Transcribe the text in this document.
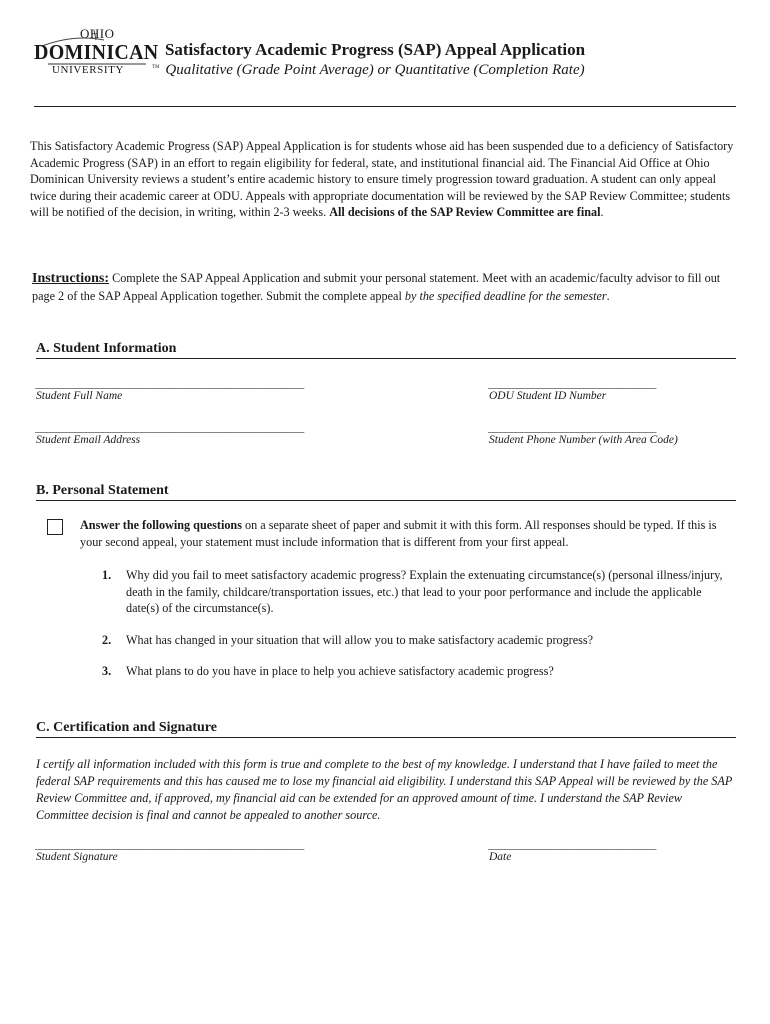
OHIO
DOMINICAN
UNIVERSITY	TM
Satisfactory Academic Progress (SAP) Appeal Application
Qualitative (Grade Point Average) or Quantitative (Completion Rate)
This Satisfactory Academic Progress (SAP) Appeal Application is for students whose aid has been suspended due to a deficiency of Satisfactory Academic Progress (SAP) in an effort to regain eligibility for federal, state, and institutional financial aid. The Financial Aid Office at Ohio Dominican University reviews a student’s entire academic history to ensure timely progression toward graduation. A student can only appeal twice during their academic career at ODU. Appeals with appropriate documentation will be reviewed by the SAP Review Committee; students will be notified of the decision, in writing, within 2-3 weeks. All decisions of the SAP Review Committee are final.
Instructions: Complete the SAP Appeal Application and submit your personal statement. Meet with an academic/faculty advisor to fill out page 2 of the SAP Appeal Application together. Submit the complete appeal by the specified deadline for the semester.
A. Student Information
________________________________________________
Student Full Name
______________________________
ODU Student ID Number
________________________________________________
Student Email Address
______________________________
Student Phone Number (with Area Code)
B. Personal Statement
Answer the following questions on a separate sheet of paper and submit it with this form. All responses should be typed. If this is your second appeal, your statement must include information that is different from your first appeal.
1. Why did you fail to meet satisfactory academic progress? Explain the extenuating circumstance(s) (personal illness/injury, death in the family, childcare/transportation issues, etc.) that lead to your poor performance and include the applicable date(s) of the circumstance(s).
2. What has changed in your situation that will allow you to make satisfactory academic progress?
3. What plans to do you have in place to help you achieve satisfactory academic progress?
C. Certification and Signature
I certify all information included with this form is true and complete to the best of my knowledge. I understand that I have failed to meet the federal SAP requirements and this has caused me to lose my financial aid eligibility. I understand this SAP Appeal will be reviewed by the SAP Review Committee and, if approved, my financial aid can be extended for an approved amount of time. I understand the SAP Review Committee decision is final and cannot be appealed to another source.
________________________________________________
Student Signature
______________________________
Date
